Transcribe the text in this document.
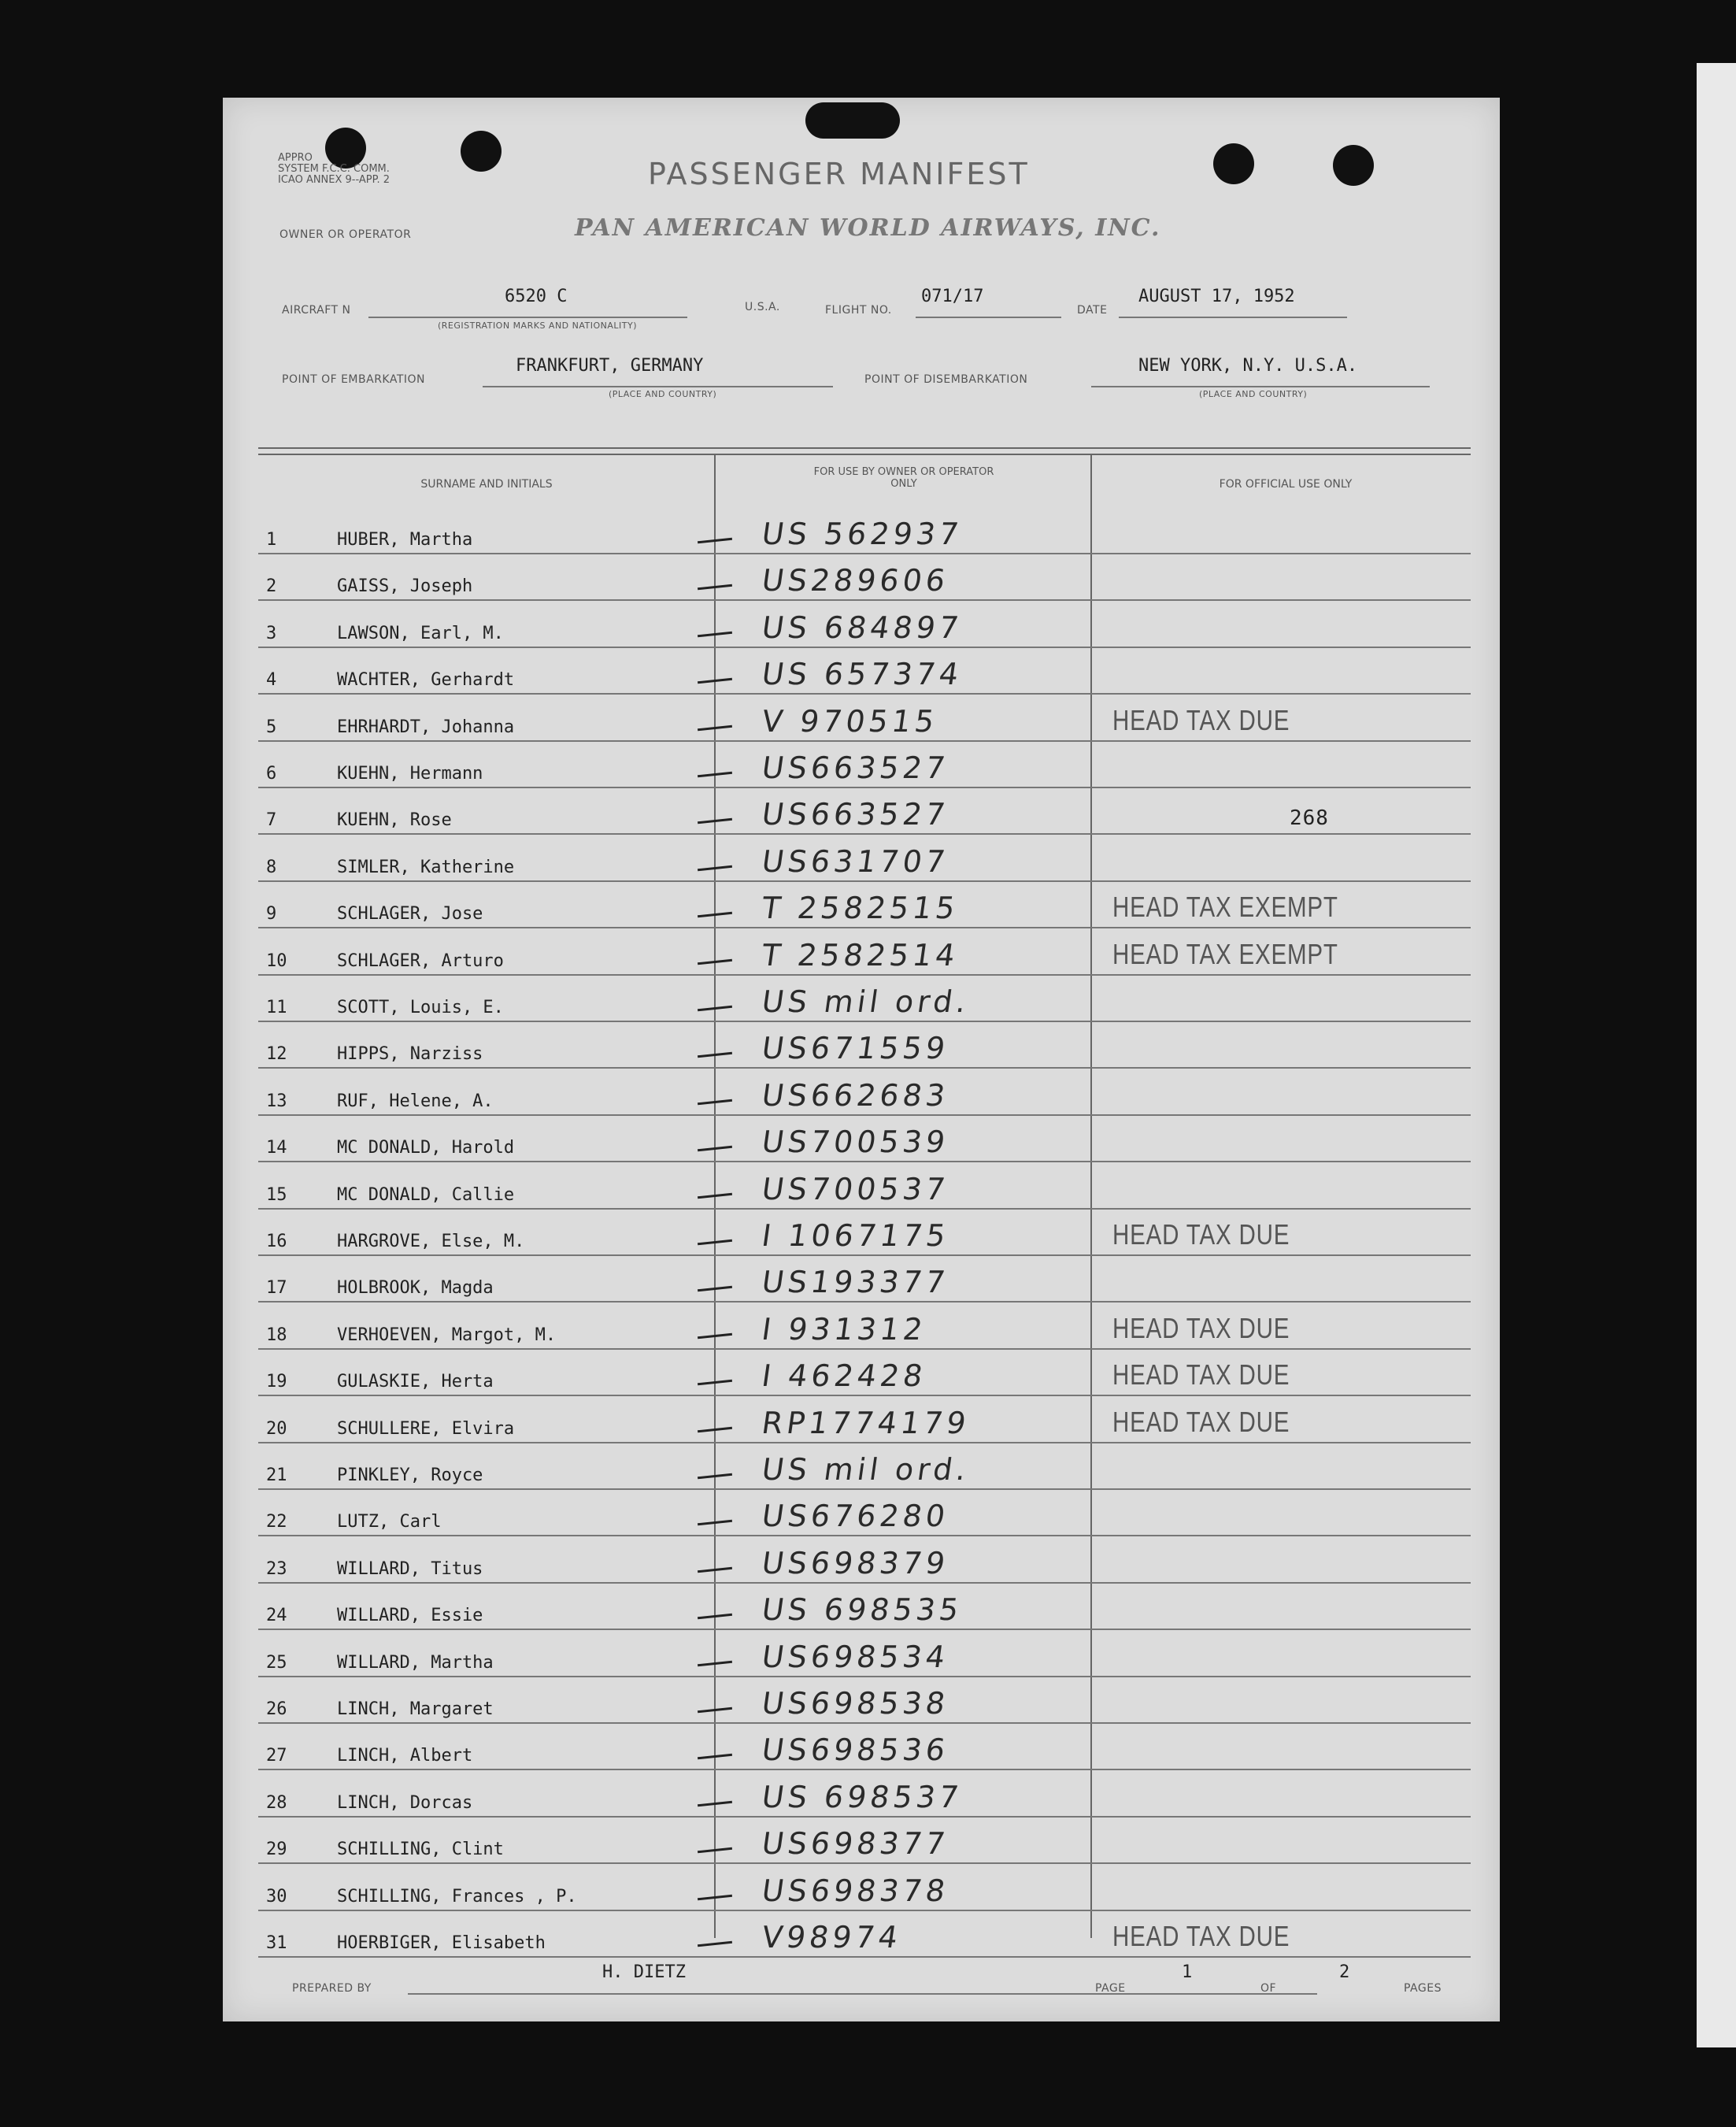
APPRO
SYSTEM F.C.C. COMM.
ICAO ANNEX 9--APP. 2	PASSENGER MANIFEST
OWNER OR OPERATOR	PAN AMERICAN WORLD AIRWAYS, INC.
AIRCRAFT N
6520 C
(REGISTRATION MARKS AND NATIONALITY)
U.S.A.	FLIGHT NO.
071/17
DATE
AUGUST 17, 1952
POINT OF EMBARKATION
FRANKFURT, GERMANY
(PLACE AND COUNTRY)
POINT OF DISEMBARKATION
NEW YORK, N.Y. U.S.A.
(PLACE AND COUNTRY)
SURNAME AND INITIALS
FOR USE BY OWNER OR OPERATOR ONLY	FOR OFFICIAL USE ONLY
1	HUBER, Martha	US 562937
2	GAISS, Joseph	US289606
3	LAWSON, Earl, M.	US 684897
4	WACHTER, Gerhardt	US 657374
5	EHRHARDT, Johanna	V 970515	HEAD TAX DUE
6	KUEHN, Hermann	US663527
7	KUEHN, Rose	US663527	268
8	SIMLER, Katherine	US631707
9	SCHLAGER, Jose	T 2582515	HEAD TAX EXEMPT
10	SCHLAGER, Arturo	T 2582514	HEAD TAX EXEMPT
11	SCOTT, Louis, E.	US mil ord.
12	HIPPS, Narziss	US671559
13	RUF, Helene, A.	US662683
14	MC DONALD, Harold	US700539
15	MC DONALD, Callie	US700537
16	HARGROVE, Else, M.	I 1067175	HEAD TAX DUE
17	HOLBROOK, Magda	US193377
18	VERHOEVEN, Margot, M.	I 931312	HEAD TAX DUE
19	GULASKIE, Herta	I 462428	HEAD TAX DUE
20	SCHULLERE, Elvira	RP1774179	HEAD TAX DUE
21	PINKLEY, Royce	US mil ord.
22	LUTZ, Carl	US676280
23	WILLARD, Titus	US698379
24	WILLARD, Essie	US 698535
25	WILLARD, Martha	US698534
26	LINCH, Margaret	US698538
27	LINCH, Albert	US698536
28	LINCH, Dorcas	US 698537
29	SCHILLING, Clint	US698377
30	SCHILLING, Frances , P.	US698378
31	HOERBIGER, Elisabeth	V98974	HEAD TAX DUE
PREPARED BY
H. DIETZ
PAGE
1
OF
2
PAGES
